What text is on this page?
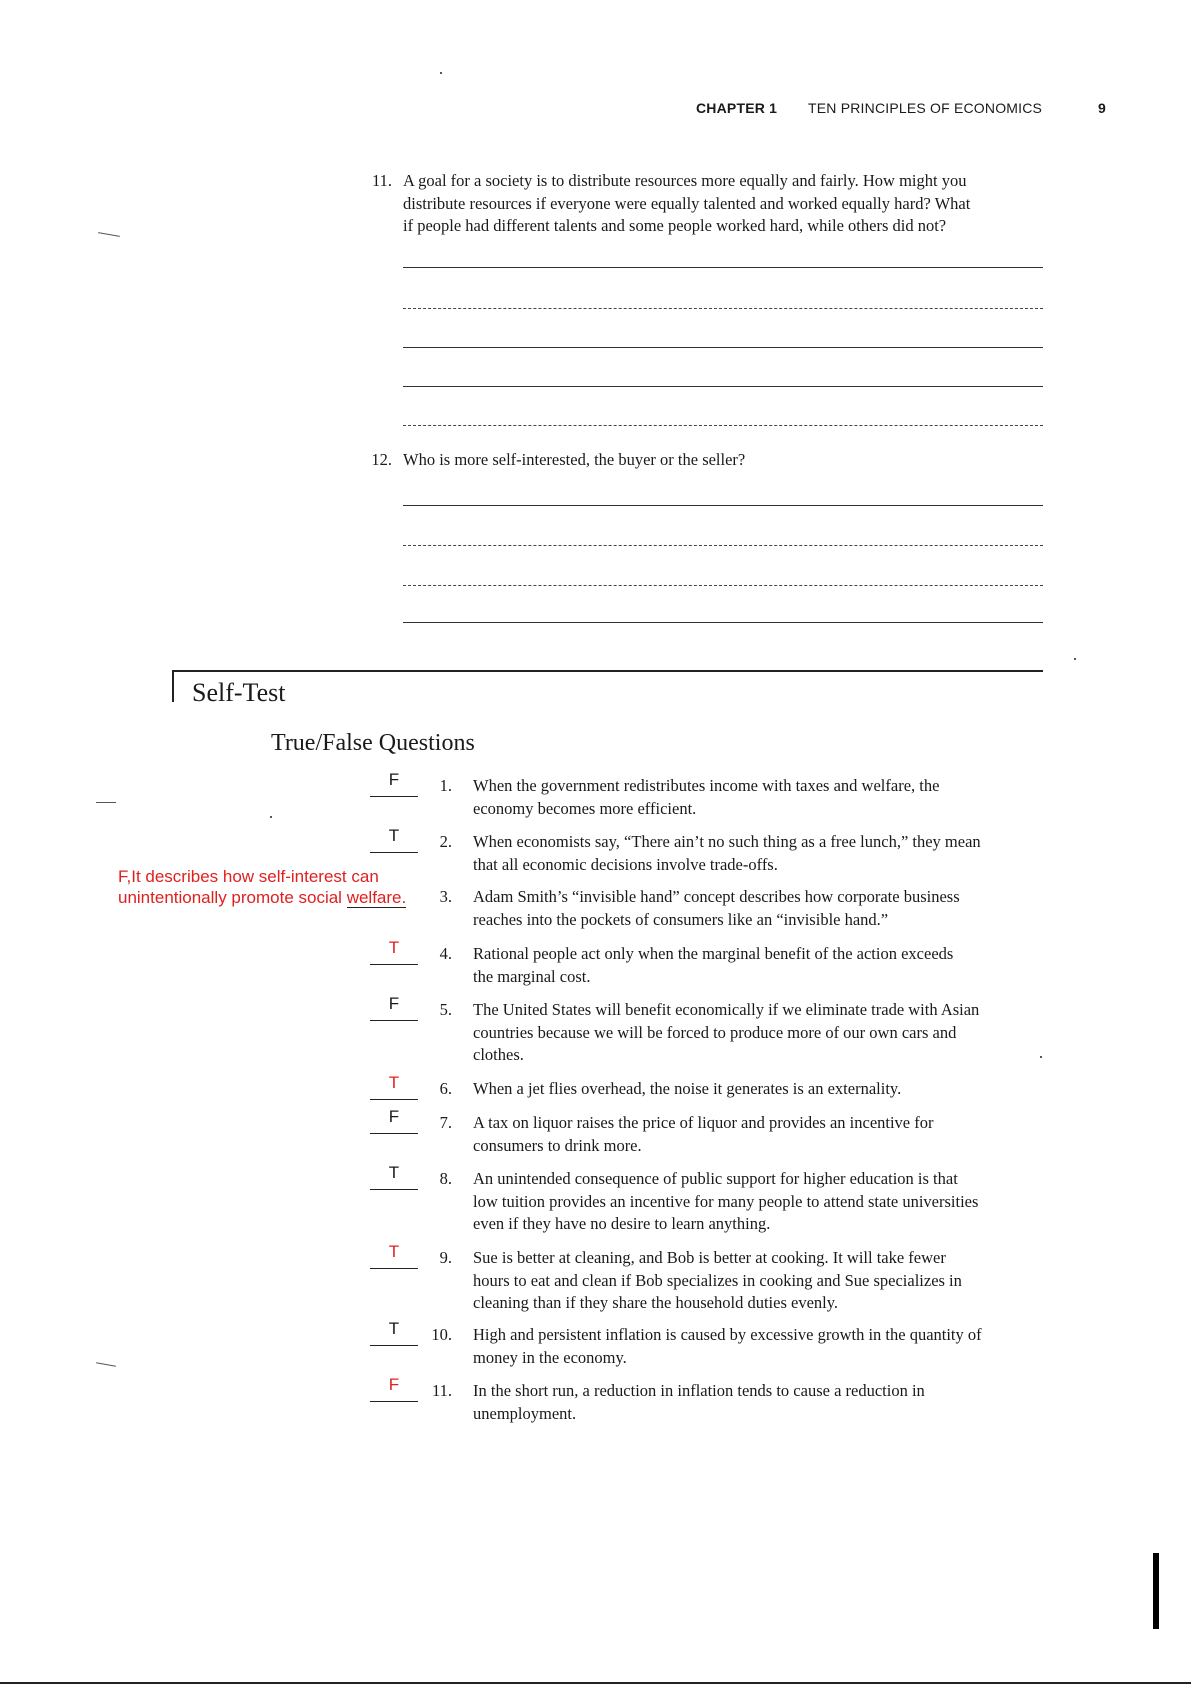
CHAPTER 1 TEN PRINCIPLES OF ECONOMICS	9
11. A goal for a society is to distribute resources more equally and fairly. How might you
distribute resources if everyone were equally talented and worked equally hard? What
if people had different talents and some people worked hard, while others did not?
12. Who is more self-interested, the buyer or the seller?
Self-Test
True/False Questions
F,It describes how self-interest can
unintentionally promote social welfare.
F	1. When the government redistributes income with taxes and welfare, the
economy becomes more efficient.
T	2. When economists say, “There ain’t no such thing as a free lunch,” they mean
that all economic decisions involve trade-offs.
3. Adam Smith’s “invisible hand” concept describes how corporate business
reaches into the pockets of consumers like an “invisible hand.”
T	4. Rational people act only when the marginal benefit of the action exceeds
the marginal cost.
F	5. The United States will benefit economically if we eliminate trade with Asian
countries because we will be forced to produce more of our own cars and
clothes.
T	6. When a jet flies overhead, the noise it generates is an externality.
F	7. A tax on liquor raises the price of liquor and provides an incentive for
consumers to drink more.
T	8. An unintended consequence of public support for higher education is that
low tuition provides an incentive for many people to attend state universities
even if they have no desire to learn anything.
T	9. Sue is better at cleaning, and Bob is better at cooking. It will take fewer
hours to eat and clean if Bob specializes in cooking and Sue specializes in
cleaning than if they share the household duties evenly.
T	10. High and persistent inflation is caused by excessive growth in the quantity of
money in the economy.
F	11. In the short run, a reduction in inflation tends to cause a reduction in
unemployment.
